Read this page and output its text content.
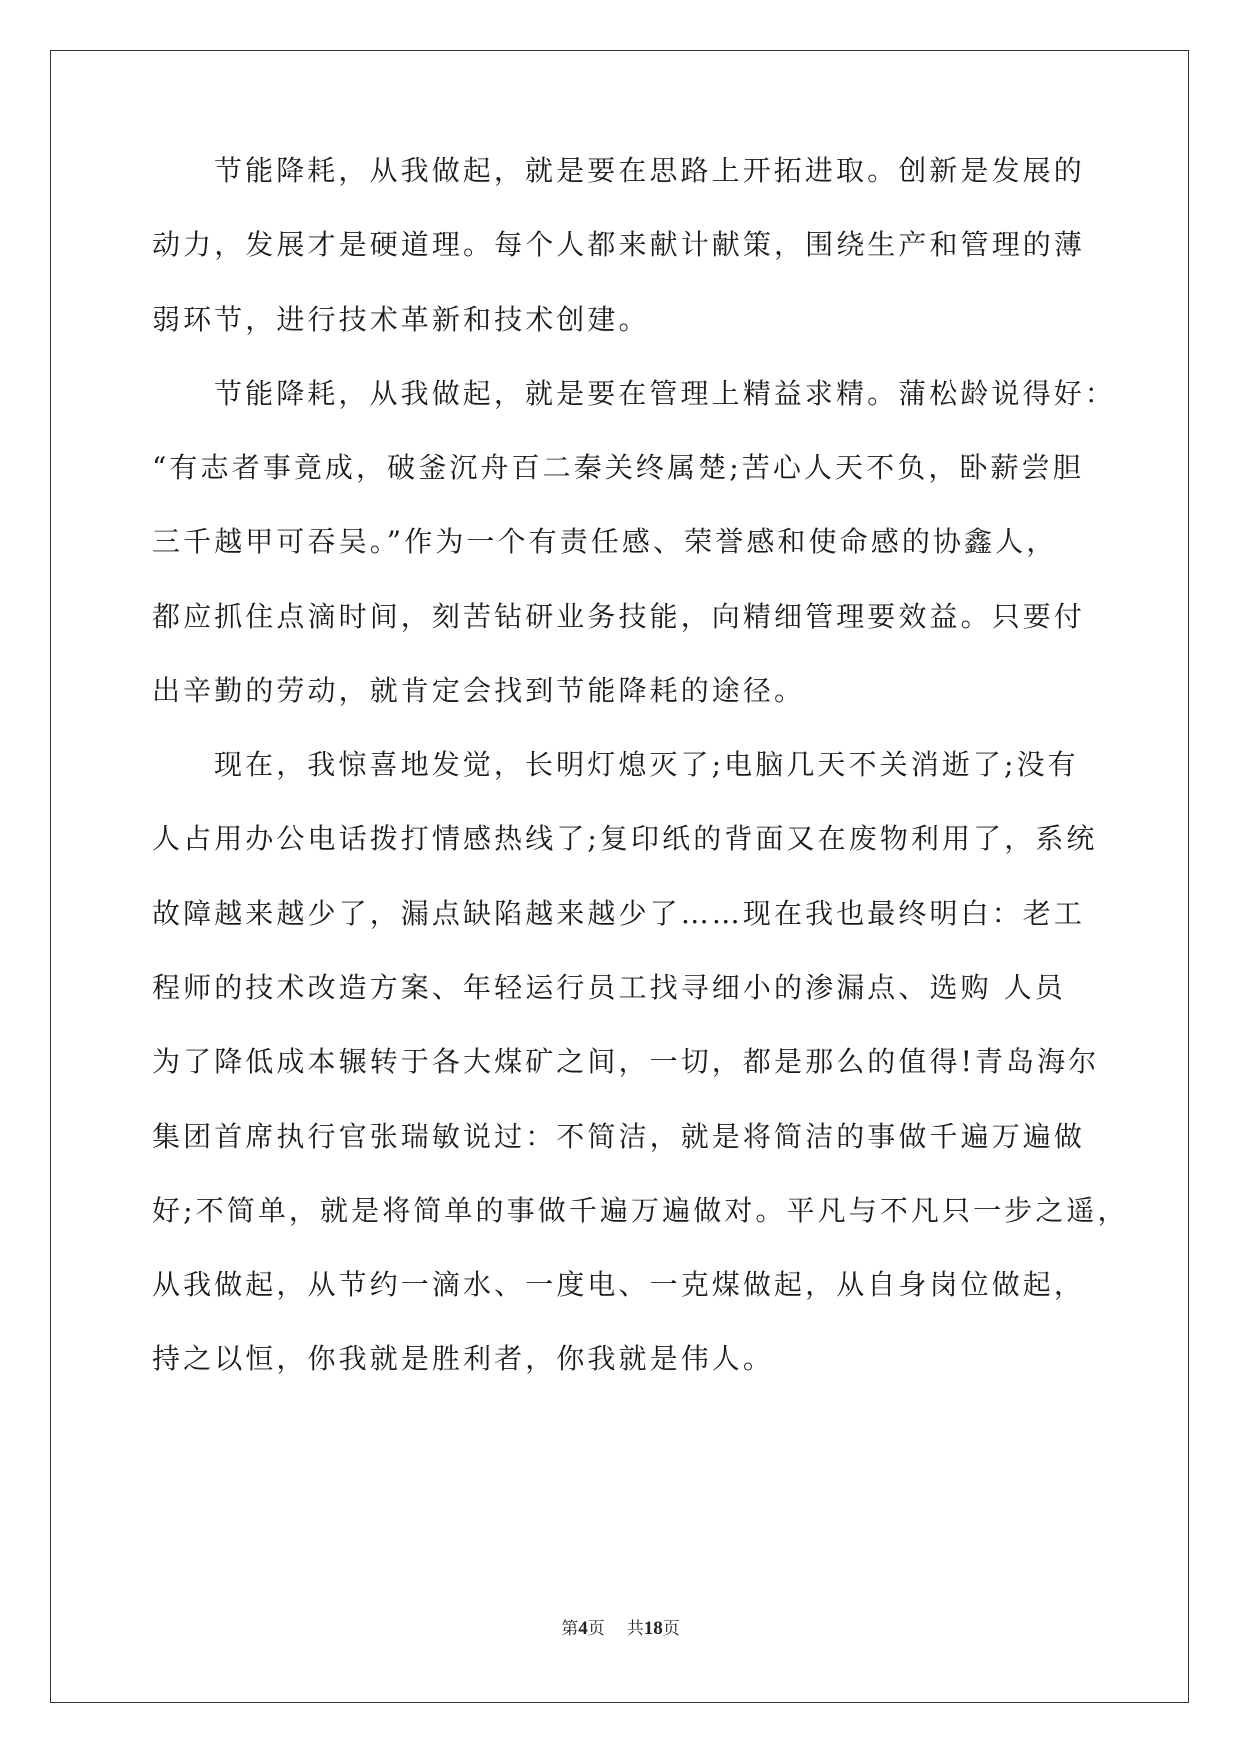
节能降耗，从我做起，就是要在思路上开拓进取。创新是发展的
动力，发展才是硬道理。每个人都来献计献策，围绕生产和管理的薄
弱环节，进行技术革新和技术创建。
节能降耗，从我做起，就是要在管理上精益求精。蒲松龄说得好：
“有志者事竟成，破釜沉舟百二秦关终属楚;苦心人天不负，卧薪尝胆
三千越甲可吞吴。”作为一个有责任感、荣誉感和使命感的协鑫人，
都应抓住点滴时间，刻苦钻研业务技能，向精细管理要效益。只要付
出辛勤的劳动，就肯定会找到节能降耗的途径。
现在，我惊喜地发觉，长明灯熄灭了;电脑几天不关消逝了;没有
人占用办公电话拨打情感热线了;复印纸的背面又在废物利用了，系统
故障越来越少了，漏点缺陷越来越少了……现在我也最终明白：老工
程师的技术改造方案、年轻运行员工找寻细小的渗漏点、选购 人员
为了降低成本辗转于各大煤矿之间，一切，都是那么的值得!青岛海尔
集团首席执行官张瑞敏说过：不简洁，就是将简洁的事做千遍万遍做
好;不简单，就是将简单的事做千遍万遍做对。平凡与不凡只一步之遥，
从我做起，从节约一滴水、一度电、一克煤做起，从自身岗位做起，
持之以恒，你我就是胜利者，你我就是伟人。
第4页 共18页
